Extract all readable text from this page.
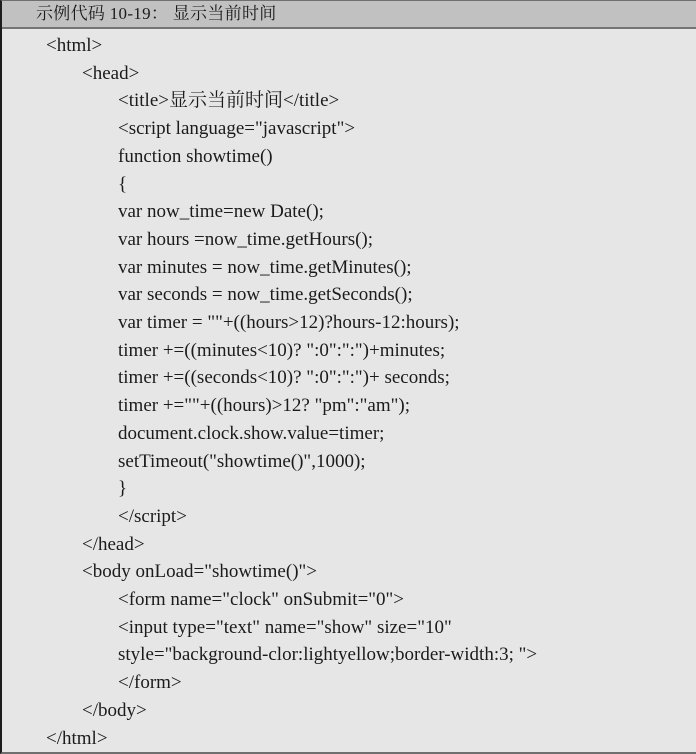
示例代码 10-19： 显示当前时间
<html>
<head>
<title>显示当前时间</title>
<script language="javascript">
function showtime()
{
var now_time=new Date();
var hours =now_time.getHours();
var minutes = now_time.getMinutes();
var seconds = now_time.getSeconds();
var timer = ""+((hours>12)?hours-12:hours);
timer +=((minutes<10)? ":0":":")+minutes;
timer +=((seconds<10)? ":0":":")+ seconds;
timer +=""+((hours)>12? "pm":"am");
document.clock.show.value=timer;
setTimeout("showtime()",1000);
}
</script>
</head>
<body onLoad="showtime()">
<form name="clock" onSubmit="0">
<input type="text" name="show" size="10"
style="background-clor:lightyellow;border-width:3; ">
</form>
</body>
</html>
